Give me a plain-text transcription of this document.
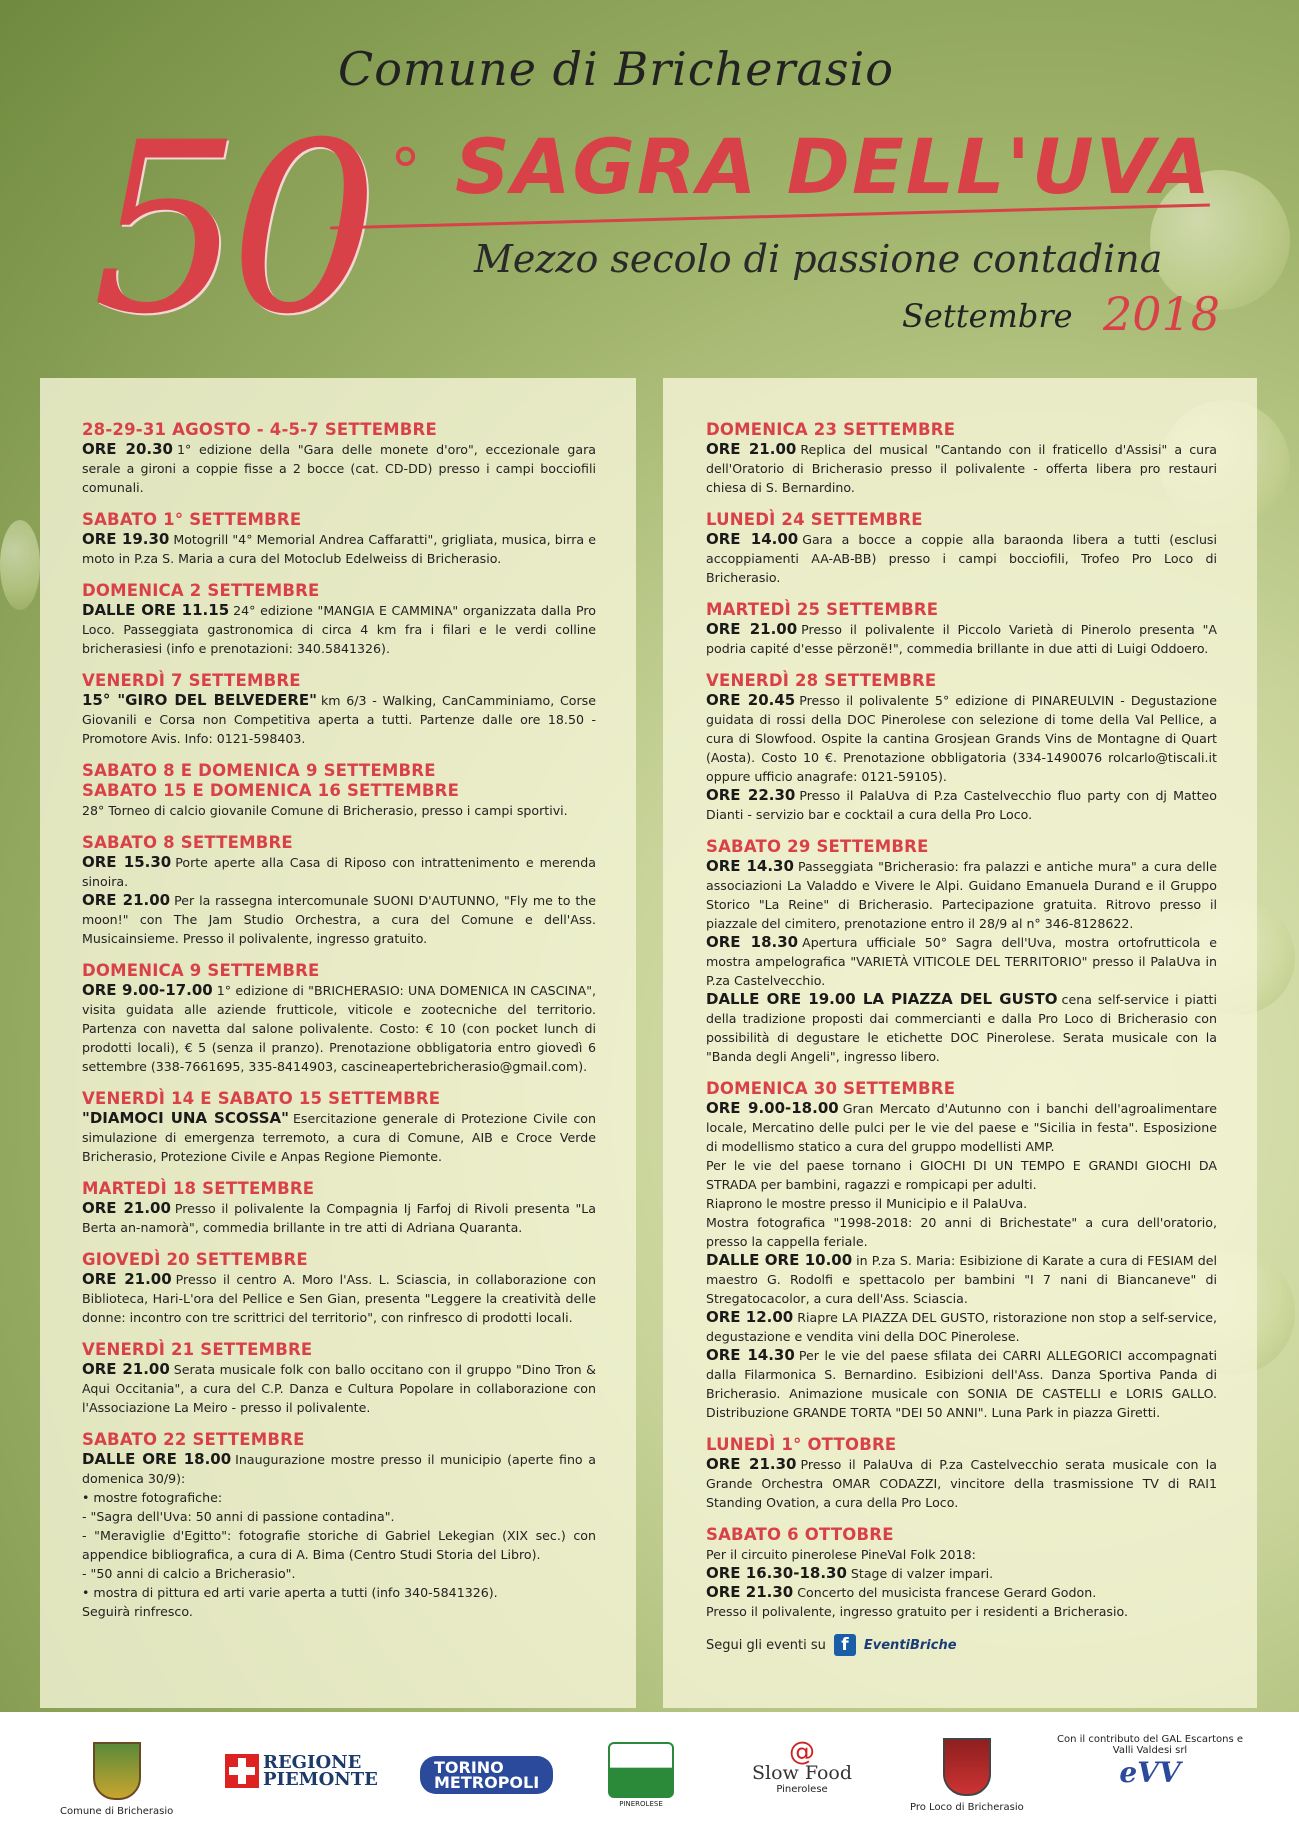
Comune di Bricherasio
50 ° SAGRA DELL'UVA
Mezzo secolo di passione contadina
Settembre 2018
28-29-31 AGOSTO - 4-5-7 SETTEMBRE
ORE 20.30 1° edizione della "Gara delle monete d'oro", eccezionale gara serale a gironi a coppie fisse a 2 bocce (cat. CD-DD) presso i campi bocciofili comunali.
SABATO 1° SETTEMBRE
ORE 19.30 Motogrill "4° Memorial Andrea Caffaratti", grigliata, musica, birra e moto in P.za S. Maria a cura del Motoclub Edelweiss di Bricherasio.
DOMENICA 2 SETTEMBRE
DALLE ORE 11.15 24° edizione "MANGIA E CAMMINA" organizzata dalla Pro Loco. Passeggiata gastronomica di circa 4 km fra i filari e le verdi colline bricherasiesi (info e prenotazioni: 340.5841326).
VENERDÌ 7 SETTEMBRE
15° "GIRO DEL BELVEDERE" km 6/3 - Walking, CanCamminiamo, Corse Giovanili e Corsa non Competitiva aperta a tutti. Partenze dalle ore 18.50 - Promotore Avis. Info: 0121-598403.
SABATO 8 E DOMENICA 9 SETTEMBRE
SABATO 15 E DOMENICA 16 SETTEMBRE
28° Torneo di calcio giovanile Comune di Bricherasio, presso i campi sportivi.
SABATO 8 SETTEMBRE
ORE 15.30 Porte aperte alla Casa di Riposo con intrattenimento e merenda sinoira.
ORE 21.00 Per la rassegna intercomunale SUONI D'AUTUNNO, "Fly me to the moon!" con The Jam Studio Orchestra, a cura del Comune e dell'Ass. Musicainsieme. Presso il polivalente, ingresso gratuito.
DOMENICA 9 SETTEMBRE
ORE 9.00-17.00 1° edizione di "BRICHERASIO: UNA DOMENICA IN CASCINA", visita guidata alle aziende frutticole, viticole e zootecniche del territorio. Partenza con navetta dal salone polivalente. Costo: € 10 (con pocket lunch di prodotti locali), € 5 (senza il pranzo). Prenotazione obbligatoria entro giovedì 6 settembre (338-7661695, 335-8414903, cascineapertebricherasio@gmail.com).
VENERDÌ 14 E SABATO 15 SETTEMBRE
"DIAMOCI UNA SCOSSA" Esercitazione generale di Protezione Civile con simulazione di emergenza terremoto, a cura di Comune, AIB e Croce Verde Bricherasio, Protezione Civile e Anpas Regione Piemonte.
MARTEDÌ 18 SETTEMBRE
ORE 21.00 Presso il polivalente la Compagnia Ij Farfoj di Rivoli presenta "La Berta an-namorà", commedia brillante in tre atti di Adriana Quaranta.
GIOVEDÌ 20 SETTEMBRE
ORE 21.00 Presso il centro A. Moro l'Ass. L. Sciascia, in collaborazione con Biblioteca, Hari-L'ora del Pellice e Sen Gian, presenta "Leggere la creatività delle donne: incontro con tre scrittrici del territorio", con rinfresco di prodotti locali.
VENERDÌ 21 SETTEMBRE
ORE 21.00 Serata musicale folk con ballo occitano con il gruppo "Dino Tron & Aqui Occitania", a cura del C.P. Danza e Cultura Popolare in collaborazione con l'Associazione La Meiro - presso il polivalente.
SABATO 22 SETTEMBRE
DALLE ORE 18.00 Inaugurazione mostre presso il municipio (aperte fino a domenica 30/9):
• mostre fotografiche:
- "Sagra dell'Uva: 50 anni di passione contadina".
- "Meraviglie d'Egitto": fotografie storiche di Gabriel Lekegian (XIX sec.) con appendice bibliografica, a cura di A. Bima (Centro Studi Storia del Libro).
- "50 anni di calcio a Bricherasio".
• mostra di pittura ed arti varie aperta a tutti (info 340-5841326).
Seguirà rinfresco.
DOMENICA 23 SETTEMBRE
ORE 21.00 Replica del musical "Cantando con il fraticello d'Assisi" a cura dell'Oratorio di Bricherasio presso il polivalente - offerta libera pro restauri chiesa di S. Bernardino.
LUNEDÌ 24 SETTEMBRE
ORE 14.00 Gara a bocce a coppie alla baraonda libera a tutti (esclusi accoppiamenti AA-AB-BB) presso i campi bocciofili, Trofeo Pro Loco di Bricherasio.
MARTEDÌ 25 SETTEMBRE
ORE 21.00 Presso il polivalente il Piccolo Varietà di Pinerolo presenta "A podria capité d'esse përzonë!", commedia brillante in due atti di Luigi Oddoero.
VENERDÌ 28 SETTEMBRE
ORE 20.45 Presso il polivalente 5° edizione di PINAREULVIN - Degustazione guidata di rossi della DOC Pinerolese con selezione di tome della Val Pellice, a cura di Slowfood. Ospite la cantina Grosjean Grands Vins de Montagne di Quart (Aosta). Costo 10 €. Prenotazione obbligatoria (334-1490076 rolcarlo@tiscali.it oppure ufficio anagrafe: 0121-59105).
ORE 22.30 Presso il PalaUva di P.za Castelvecchio fluo party con dj Matteo Dianti - servizio bar e cocktail a cura della Pro Loco.
SABATO 29 SETTEMBRE
ORE 14.30 Passeggiata "Bricherasio: fra palazzi e antiche mura" a cura delle associazioni La Valaddo e Vivere le Alpi. Guidano Emanuela Durand e il Gruppo Storico "La Reine" di Bricherasio. Partecipazione gratuita. Ritrovo presso il piazzale del cimitero, prenotazione entro il 28/9 al n° 346-8128622.
ORE 18.30 Apertura ufficiale 50° Sagra dell'Uva, mostra ortofrutticola e mostra ampelografica "VARIETÀ VITICOLE DEL TERRITORIO" presso il PalaUva in P.za Castelvecchio.
DALLE ORE 19.00 LA PIAZZA DEL GUSTO cena self-service i piatti della tradizione proposti dai commercianti e dalla Pro Loco di Bricherasio con possibilità di degustare le etichette DOC Pinerolese. Serata musicale con la "Banda degli Angeli", ingresso libero.
DOMENICA 30 SETTEMBRE
ORE 9.00-18.00 Gran Mercato d'Autunno con i banchi dell'agroalimentare locale, Mercatino delle pulci per le vie del paese e "Sicilia in festa". Esposizione di modellismo statico a cura del gruppo modellisti AMP.
Per le vie del paese tornano i GIOCHI DI UN TEMPO E GRANDI GIOCHI DA STRADA per bambini, ragazzi e rompicapi per adulti.
Riaprono le mostre presso il Municipio e il PalaUva.
Mostra fotografica "1998-2018: 20 anni di Brichestate" a cura dell'oratorio, presso la cappella feriale.
DALLE ORE 10.00 in P.za S. Maria: Esibizione di Karate a cura di FESIAM del maestro G. Rodolfi e spettacolo per bambini "I 7 nani di Biancaneve" di Stregatocacolor, a cura dell'Ass. Sciascia.
ORE 12.00 Riapre LA PIAZZA DEL GUSTO, ristorazione non stop a self-service, degustazione e vendita vini della DOC Pinerolese.
ORE 14.30 Per le vie del paese sfilata dei CARRI ALLEGORICI accompagnati dalla Filarmonica S. Bernardino. Esibizioni dell'Ass. Danza Sportiva Panda di Bricherasio. Animazione musicale con SONIA DE CASTELLI e LORIS GALLO. Distribuzione GRANDE TORTA "DEI 50 ANNI". Luna Park in piazza Giretti.
LUNEDÌ 1° OTTOBRE
ORE 21.30 Presso il PalaUva di P.za Castelvecchio serata musicale con la Grande Orchestra OMAR CODAZZI, vincitore della trasmissione TV di RAI1 Standing Ovation, a cura della Pro Loco.
SABATO 6 OTTOBRE
Per il circuito pinerolese PineVal Folk 2018:
ORE 16.30-18.30 Stage di valzer impari.
ORE 21.30 Concerto del musicista francese Gerard Godon.
Presso il polivalente, ingresso gratuito per i residenti a Bricherasio.
Segui gli eventi su f	EventiBriche
Comune di Bricherasio
REGIONE
PIEMONTE
TORINO
METROPOLI
PINEROLESE
@
Slow Food
Pinerolese
Pro Loco di Bricherasio
Con il contributo del GAL Escartons e Valli Valdesi srl
eVV
